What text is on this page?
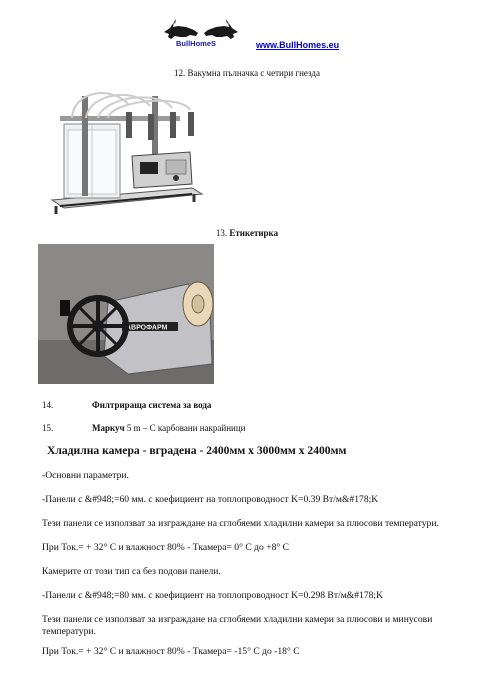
BullHomeS	www.BullHomes.eu
12. Вакумна пълначка с четири гнезда
13. Етикетирка
АВРОФАРМ
14.	Филтрираща система за вода
15.	Маркуч 5 m – С карбовани накрайници
Хладилна камера - вградена - 2400мм x 3000мм x 2400мм
-Основни параметри.
-Панели с &#948;=60 мм. с коефициент на топлопроводност K=0.39 Вт/м&#178;K
Тези панели се използват за изграждане на сглобяеми хладилни камери за плюсови температури.
При Ток.= + 32° С и влажност 80% - Ткамера= 0° С до +8° С
Камерите от този тип са без подови панели.
-Панели с &#948;=80 мм. с коефициент на топлопроводност K=0.298 Вт/м&#178;K
Тези панели се използват за изграждане на сглобяеми хладилни камери за плюсови и минусови температури.
При Ток.= + 32° С и влажност 80% - Ткамера= -15° С до -18° С
